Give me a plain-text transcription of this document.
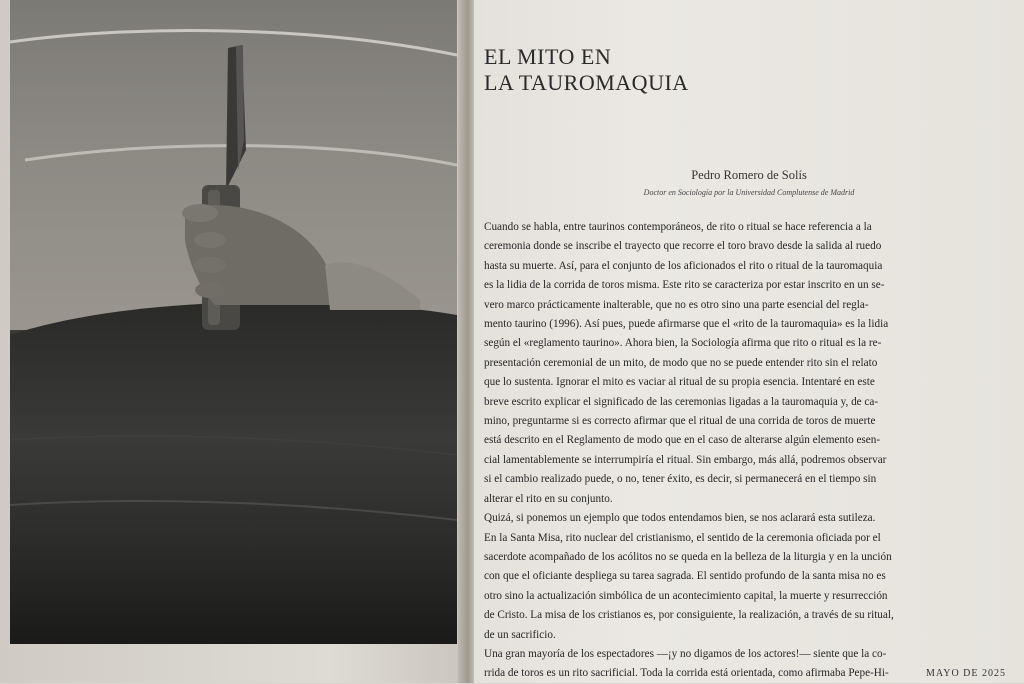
EL MITO EN
LA TAUROMAQUIA
Pedro Romero de Solís
Doctor en Sociología por la Universidad Complutense de Madrid
Cuando se habla, entre taurinos contemporáneos, de rito o ritual se hace referencia a la
ceremonia donde se inscribe el trayecto que recorre el toro bravo desde la salida al ruedo
hasta su muerte. Así, para el conjunto de los aficionados el rito o ritual de la tauromaquia
es la lidia de la corrida de toros misma. Este rito se caracteriza por estar inscrito en un se-
vero marco prácticamente inalterable, que no es otro sino una parte esencial del regla-
mento taurino (1996). Así pues, puede afirmarse que el «rito de la tauromaquia» es la lidia
según el «reglamento taurino». Ahora bien, la Sociología afirma que rito o ritual es la re-
presentación ceremonial de un mito, de modo que no se puede entender rito sin el relato
que lo sustenta. Ignorar el mito es vaciar al ritual de su propia esencia. Intentaré en este
breve escrito explicar el significado de las ceremonias ligadas a la tauromaquia y, de ca-
mino, preguntarme si es correcto afirmar que el ritual de una corrida de toros de muerte
está descrito en el Reglamento de modo que en el caso de alterarse algún elemento esen-
cial lamentablemente se interrumpiría el ritual. Sin embargo, más allá, podremos observar
si el cambio realizado puede, o no, tener éxito, es decir, si permanecerá en el tiempo sin
alterar el rito en su conjunto.
Quizá, si ponemos un ejemplo que todos entendamos bien, se nos aclarará esta sutileza.
En la Santa Misa, rito nuclear del cristianismo, el sentido de la ceremonia oficiada por el
sacerdote acompañado de los acólitos no se queda en la belleza de la liturgia y en la unción
con que el oficiante despliega su tarea sagrada. El sentido profundo de la santa misa no es
otro sino la actualización simbólica de un acontecimiento capital, la muerte y resurrección
de Cristo. La misa de los cristianos es, por consiguiente, la realización, a través de su ritual,
de un sacrificio.
Una gran mayoría de los espectadores —¡y no digamos de los actores!— siente que la co-
rrida de toros es un rito sacrificial. Toda la corrida está orientada, como afirmaba Pepe-Hi-	MAYO DE 2025
